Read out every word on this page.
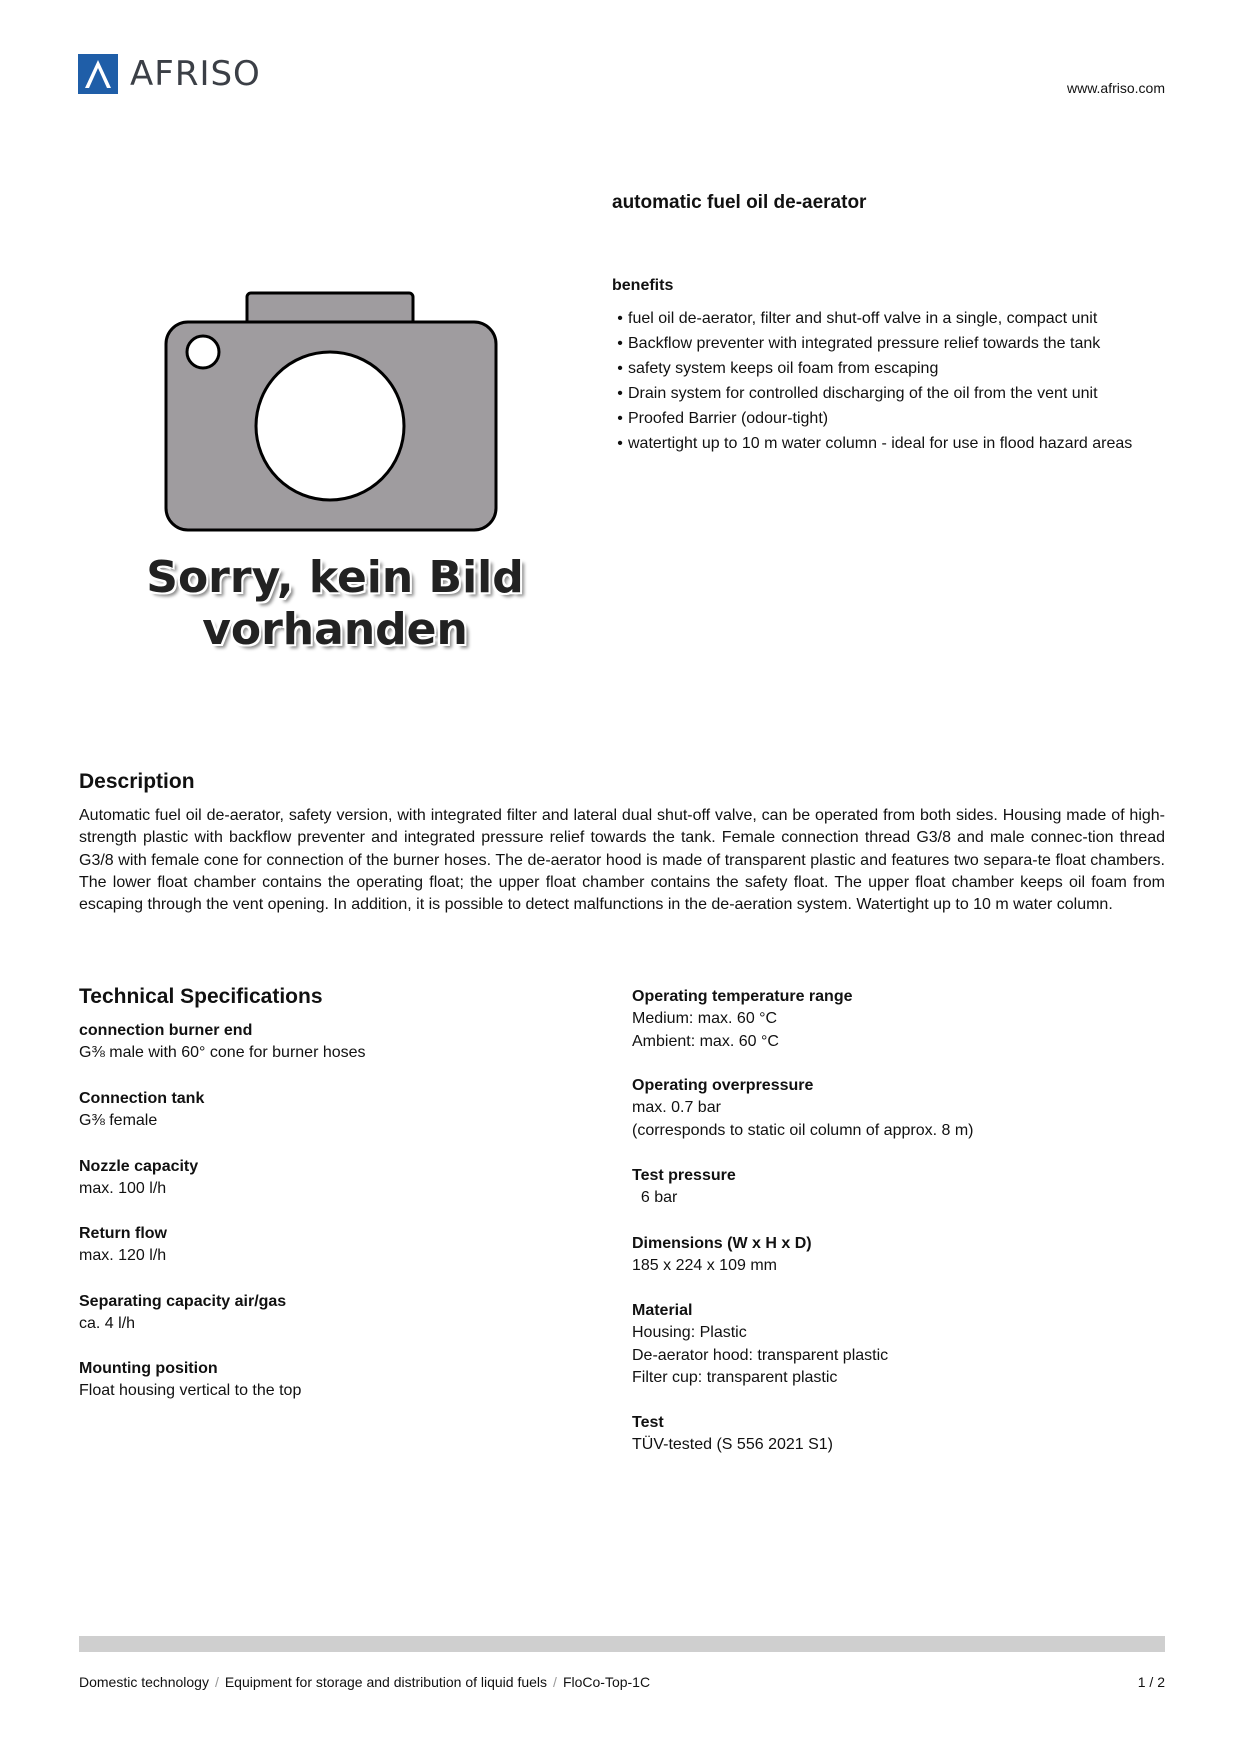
AFRISO	www.afriso.com
automatic fuel oil de-aerator
benefits
• fuel oil de-aerator, filter and shut-off valve in a single, compact unit
• Backflow preventer with integrated pressure relief towards the tank
• safety system keeps oil foam from escaping
• Drain system for controlled discharging of the oil from the vent unit
• Proofed Barrier (odour-tight)
• watertight up to 10 m water column - ideal for use in flood hazard areas
Sorry, kein Bild
vorhanden
Description
Automatic fuel oil de-aerator, safety version, with integrated filter and lateral dual shut-off valve, can be operated from both sides. Housing made of high-strength plastic with backflow preventer and integrated pressure relief towards the tank. Female connection thread G3/8 and male connec-tion thread G3/8 with female cone for connection of the burner hoses. The de-aerator hood is made of transparent plastic and features two separa-te float chambers. The lower float chamber contains the operating float; the upper float chamber contains the safety float. The upper float chamber keeps oil foam from escaping through the vent opening. In addition, it is possible to detect malfunctions in the de-aeration system. Watertight up to 10 m water column.
Technical Specifications
connection burner end
G⅜ male with 60° cone for burner hoses
Connection tank
G⅜ female
Nozzle capacity
max. 100 l/h
Return flow
max. 120 l/h
Separating capacity air/gas
ca. 4 l/h
Mounting position
Float housing vertical to the top
Operating temperature range
Medium: max. 60 °C
Ambient: max. 60 °C
Operating overpressure
max. 0.7 bar
(corresponds to static oil column of approx. 8 m)
Test pressure
6 bar
Dimensions (W x H x D)
185 x 224 x 109 mm
Material
Housing: Plastic
De-aerator hood: transparent plastic
Filter cup: transparent plastic
Test
TÜV-tested (S 556 2021 S1)
Domestic technology / Equipment for storage and distribution of liquid fuels / FloCo-Top-1C	1 / 2
